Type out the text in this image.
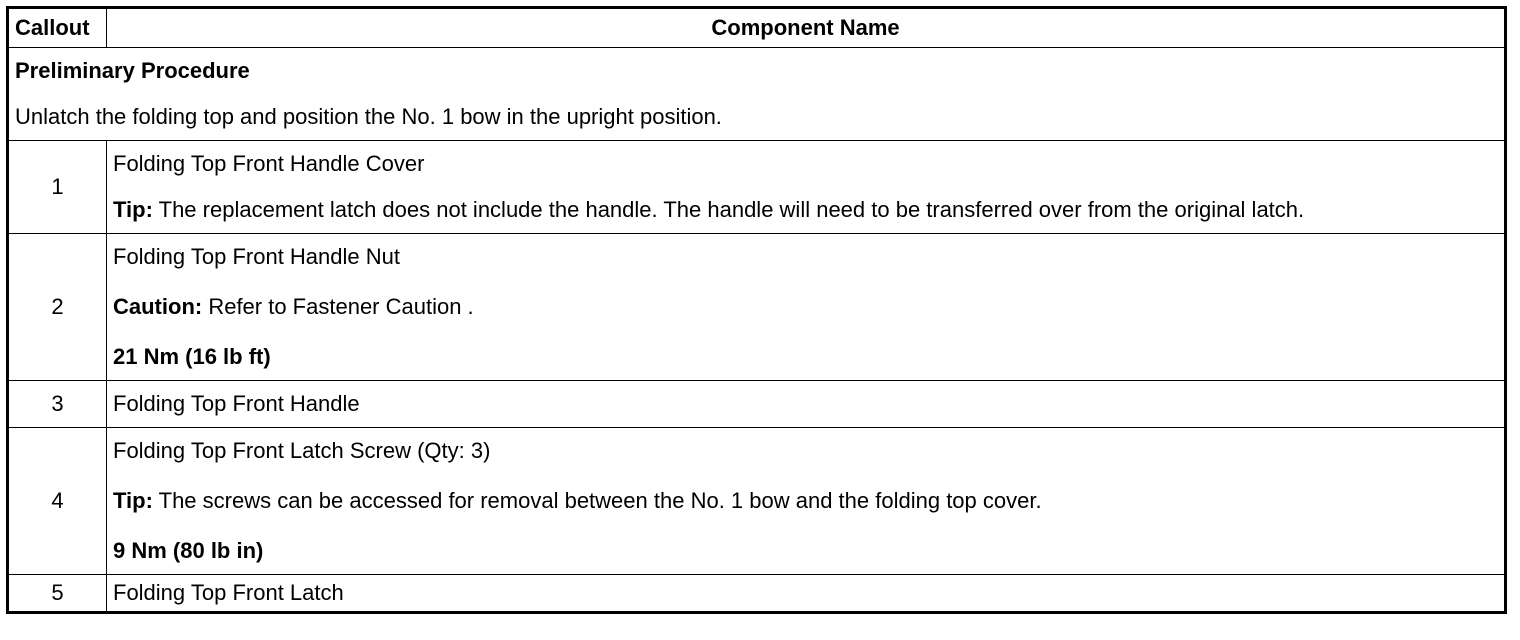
Callout	Component Name

Preliminary Procedure
Unlatch the folding top and position the No. 1 bow in the upright position.	

1	Folding Top Front Handle Cover
Tip: The replacement latch does not include the handle. The handle will need to be transferred over from the original latch.

2	Folding Top Front Handle Nut
Caution: Refer to Fastener Caution .
21 Nm (16 lb ft)

3	Folding Top Front Handle

4	Folding Top Front Latch Screw (Qty: 3)
Tip: The screws can be accessed for removal between the No. 1 bow and the folding top cover.
9 Nm (80 lb in)

5	Folding Top Front Latch
